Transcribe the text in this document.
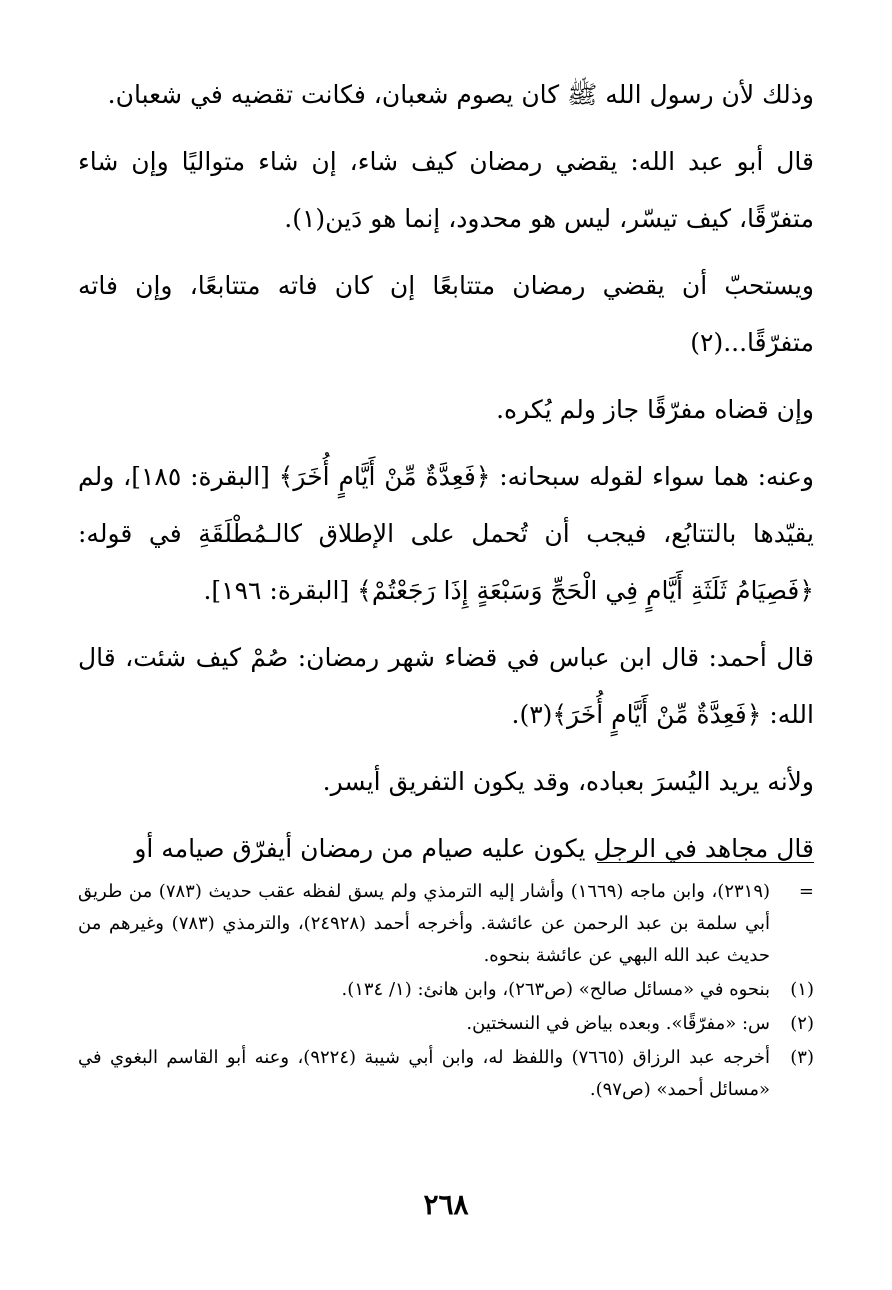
وذلك لأن رسول الله ﷺ كان يصوم شعبان، فكانت تقضيه في شعبان.

قال أبو عبد الله: يقضي رمضان كيف شاء، إن شاء متواليًا وإن شاء متفرّقًا، كيف تيسّر، ليس هو محدود، إنما هو دَين(١).

ويستحبّ أن يقضي رمضان متتابعًا إن كان فاته متتابعًا، وإن فاته متفرّقًا...(٢)

وإن قضاه مفرّقًا جاز ولم يُكره.

وعنه: هما سواء لقوله سبحانه: ﴿فَعِدَّةٌ مِّنْ أَيَّامٍ أُخَرَ﴾ [البقرة: ١٨٥]، ولم يقيّدها بالتتابُع، فيجب أن تُحمل على الإطلاق كالـمُطْلَقَةِ في قوله: ﴿فَصِيَامُ ثَلَثَةِ أَيَّامٍ فِي الْحَجِّ وَسَبْعَةٍ إِذَا رَجَعْتُمْ﴾ [البقرة: ١٩٦].

قال أحمد: قال ابن عباس في قضاء شهر رمضان: صُمْ كيف شئت، قال الله: ﴿فَعِدَّةٌ مِّنْ أَيَّامٍ أُخَرَ﴾(٣).

ولأنه يريد اليُسرَ بعباده، وقد يكون التفريق أيسر.

قال مجاهد في الرجل يكون عليه صيام من رمضان أيفرّق صيامه أو

=
(٢٣١٩)، وابن ماجه (١٦٦٩) وأشار إليه الترمذي ولم يسق لفظه عقب حديث (٧٨٣) من طريق أبي سلمة بن عبد الرحمن عن عائشة. وأخرجه أحمد (٢٤٩٢٨)، والترمذي (٧٨٣) وغيرهم من حديث عبد الله البهي عن عائشة بنحوه.
(١)
بنحوه في «مسائل صالح» (ص٢٦٣)، وابن هانئ: (١/ ١٣٤).
(٢)
س: «مفرّقًا». وبعده بياض في النسختين.
(٣)
أخرجه عبد الرزاق (٧٦٦٥) واللفظ له، وابن أبي شيبة (٩٢٢٤)، وعنه أبو القاسم البغوي في «مسائل أحمد» (ص٩٧).
٢٦٨
